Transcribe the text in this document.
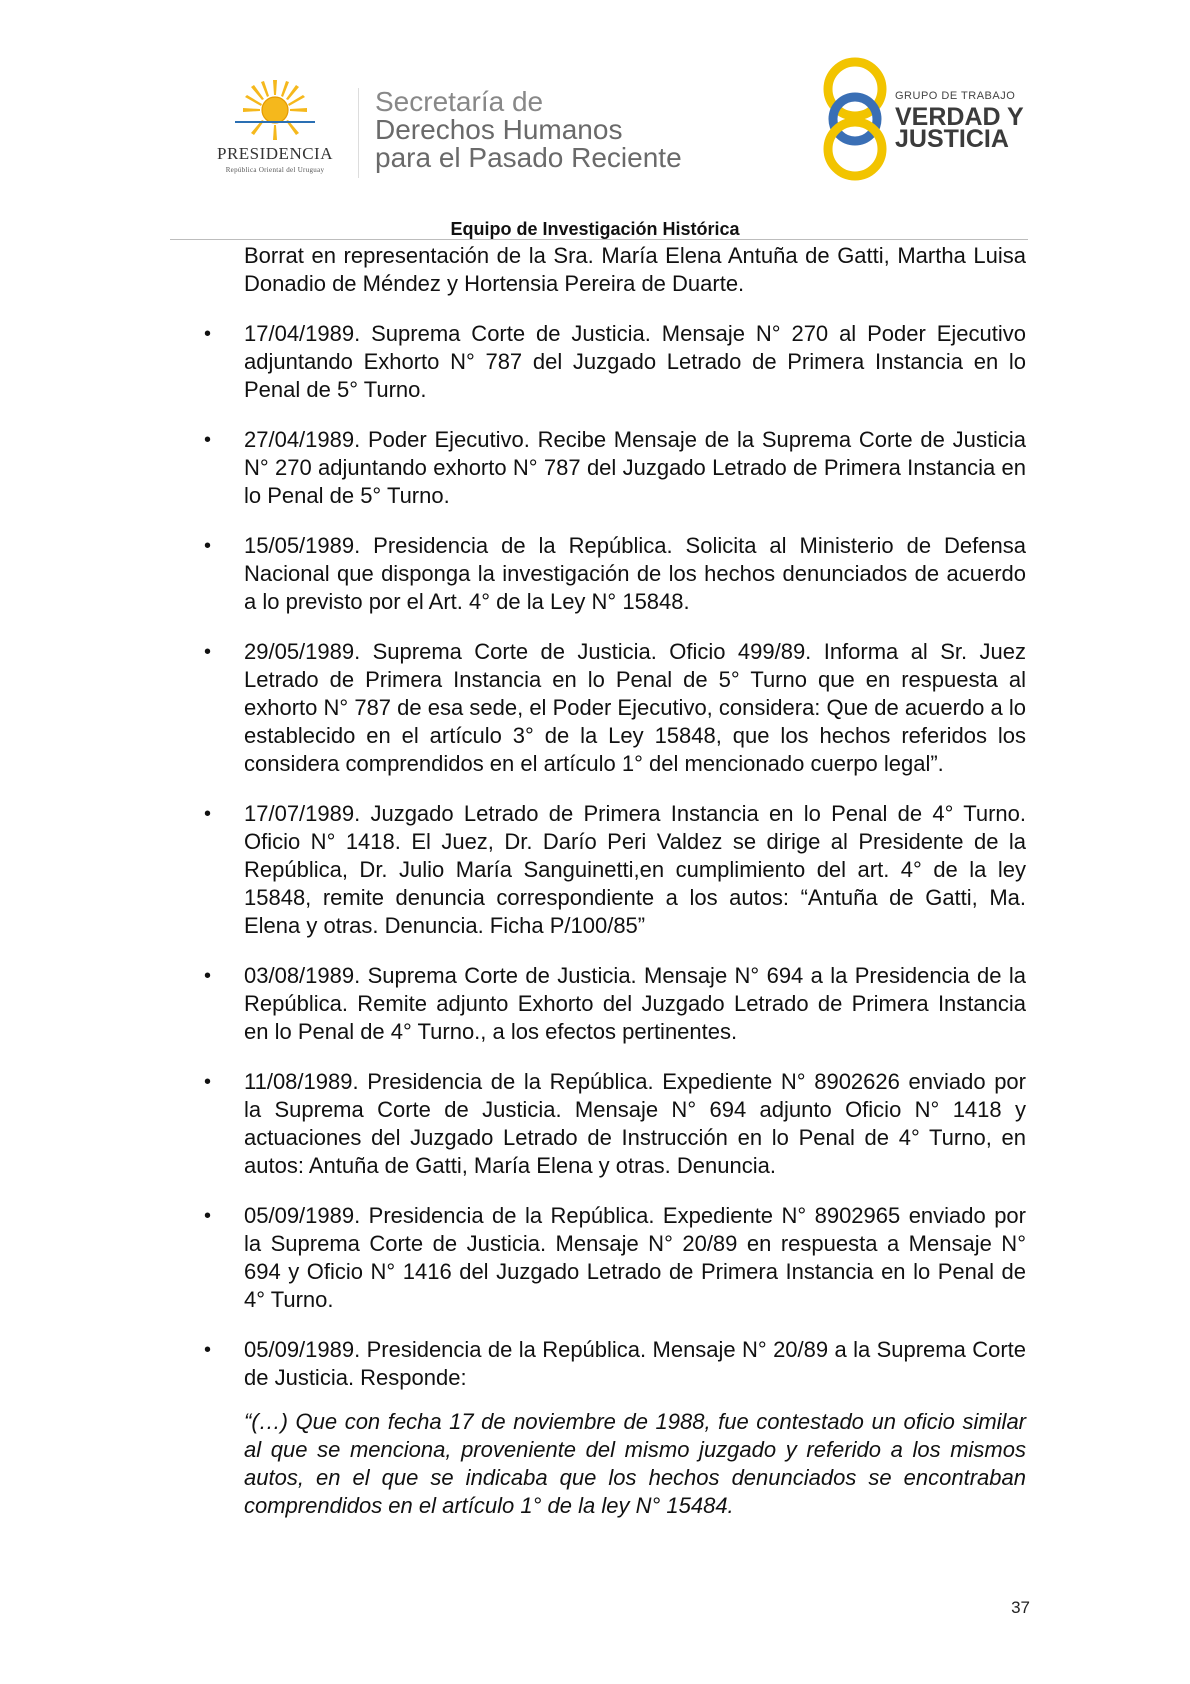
PRESIDENCIA
República Oriental del Uruguay
Secretaría de
Derechos Humanos
para el Pasado Reciente
GRUPO DE TRABAJO
VERDAD Y
JUSTICIA
Equipo de Investigación Histórica

Borrat en representación de la Sra. María Elena Antuña de Gatti, Martha Luisa Donadio de Méndez y Hortensia Pereira de Duarte.

• 17/04/1989. Suprema Corte de Justicia. Mensaje N° 270 al Poder Ejecutivo adjuntando Exhorto N° 787 del Juzgado Letrado de Primera Instancia en lo Penal de 5° Turno.
• 27/04/1989. Poder Ejecutivo. Recibe Mensaje de la Suprema Corte de Justicia N° 270 adjuntando exhorto N° 787 del Juzgado Letrado de Primera Instancia en lo Penal de 5° Turno.
• 15/05/1989. Presidencia de la República. Solicita al Ministerio de Defensa Nacional que disponga la investigación de los hechos denunciados de acuerdo a lo previsto por el Art. 4° de la Ley N° 15848.
• 29/05/1989. Suprema Corte de Justicia. Oficio 499/89. Informa al Sr. Juez Letrado de Primera Instancia en lo Penal de 5° Turno que en respuesta al exhorto N° 787 de esa sede, el Poder Ejecutivo, considera: Que de acuerdo a lo establecido en el artículo 3° de la Ley 15848, que los hechos referidos los considera comprendidos en el artículo 1° del mencionado cuerpo legal”.
• 17/07/1989. Juzgado Letrado de Primera Instancia en lo Penal de 4° Turno. Oficio N° 1418. El Juez, Dr. Darío Peri Valdez se dirige al Presidente de la República, Dr. Julio María Sanguinetti,en cumplimiento del art. 4° de la ley 15848, remite denuncia correspondiente a los autos: “Antuña de Gatti, Ma. Elena y otras. Denuncia. Ficha P/100/85”
• 03/08/1989. Suprema Corte de Justicia. Mensaje N° 694 a la Presidencia de la República. Remite adjunto Exhorto del Juzgado Letrado de Primera Instancia en lo Penal de 4° Turno., a los efectos pertinentes.
• 11/08/1989. Presidencia de la República. Expediente N° 8902626 enviado por la Suprema Corte de Justicia. Mensaje N° 694 adjunto Oficio N° 1418 y actuaciones del Juzgado Letrado de Instrucción en lo Penal de 4° Turno, en autos: Antuña de Gatti, María Elena y otras. Denuncia.
• 05/09/1989. Presidencia de la República. Expediente N° 8902965 enviado por la Suprema Corte de Justicia. Mensaje N° 20/89 en respuesta a Mensaje N° 694 y Oficio N° 1416 del Juzgado Letrado de Primera Instancia en lo Penal de 4° Turno.
• 05/09/1989. Presidencia de la República. Mensaje N° 20/89 a la Suprema Corte de Justicia. Responde:

“(…) Que con fecha 17 de noviembre de 1988, fue contestado un oficio similar al que se menciona, proveniente del mismo juzgado y referido a los mismos autos, en el que se indicaba que los hechos denunciados se encontraban comprendidos en el artículo 1° de la ley N° 15484.

37
